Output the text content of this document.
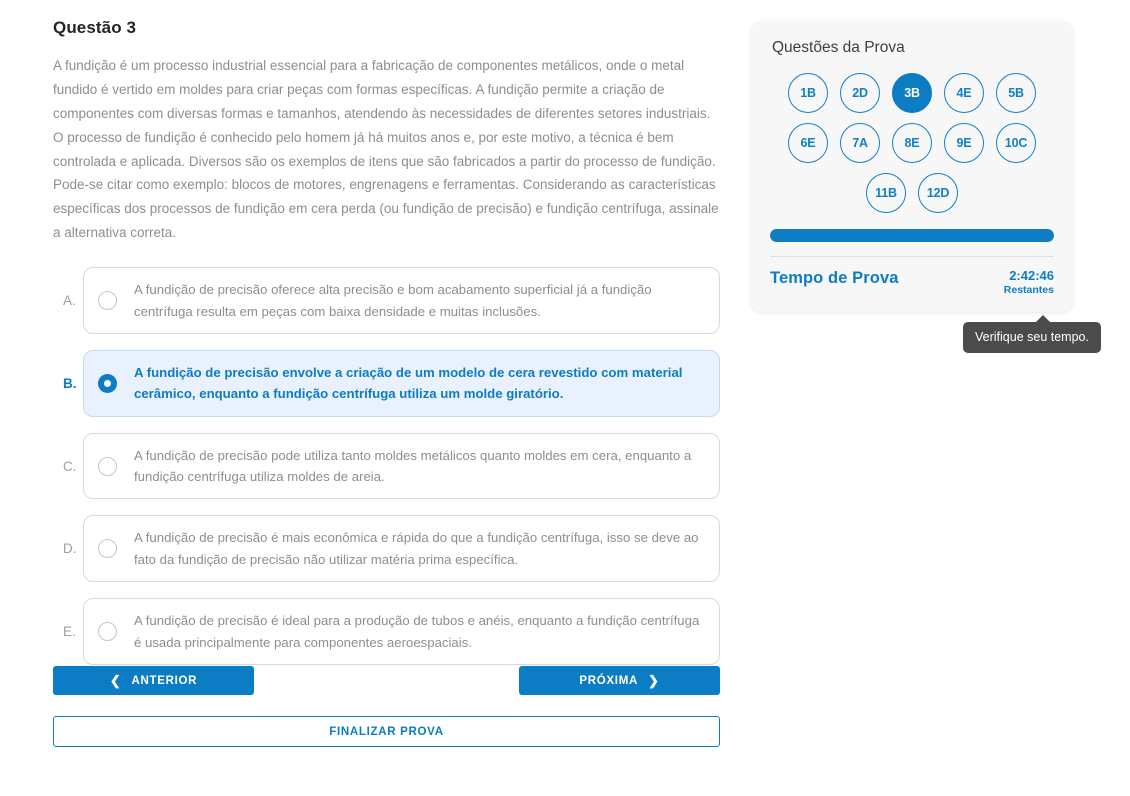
Questão 3

A fundição é um processo industrial essencial para a fabricação de componentes metálicos, onde o metal fundido é vertido em moldes para criar peças com formas específicas. A fundição permite a criação de componentes com diversas formas e tamanhos, atendendo às necessidades de diferentes setores industriais. O processo de fundição é conhecido pelo homem já há muitos anos e, por este motivo, a técnica é bem controlada e aplicada. Diversos são os exemplos de itens que são fabricados a partir do processo de fundição. Pode-se citar como exemplo: blocos de motores, engrenagens e ferramentas. Considerando as características específicas dos processos de fundição em cera perda (ou fundição de precisão) e fundição centrífuga, assinale a alternativa correta.

A.
A fundição de precisão oferece alta precisão e bom acabamento superficial já a fundição centrífuga resulta em peças com baixa densidade e muitas inclusões.
B.
A fundição de precisão envolve a criação de um modelo de cera revestido com material cerâmico, enquanto a fundição centrífuga utiliza um molde giratório.
C.
A fundição de precisão pode utiliza tanto moldes metálicos quanto moldes em cera, enquanto a fundição centrífuga utiliza moldes de areia.
D.
A fundição de precisão é mais econômica e rápida do que a fundição centrífuga, isso se deve ao fato da fundição de precisão não utilizar matéria prima específica.
E.
A fundição de precisão é ideal para a produção de tubos e anéis, enquanto a fundição centrífuga é usada principalmente para componentes aeroespaciais.
❮ ANTERIOR	PRÓXIMA ❯
FINALIZAR PROVA
Questões da Prova
1B	2D	3B	4E	5B
6E	7A	8E	9E	10C
11B	12D
Tempo de Prova	2:42:46
Restantes
Verifique seu tempo.
